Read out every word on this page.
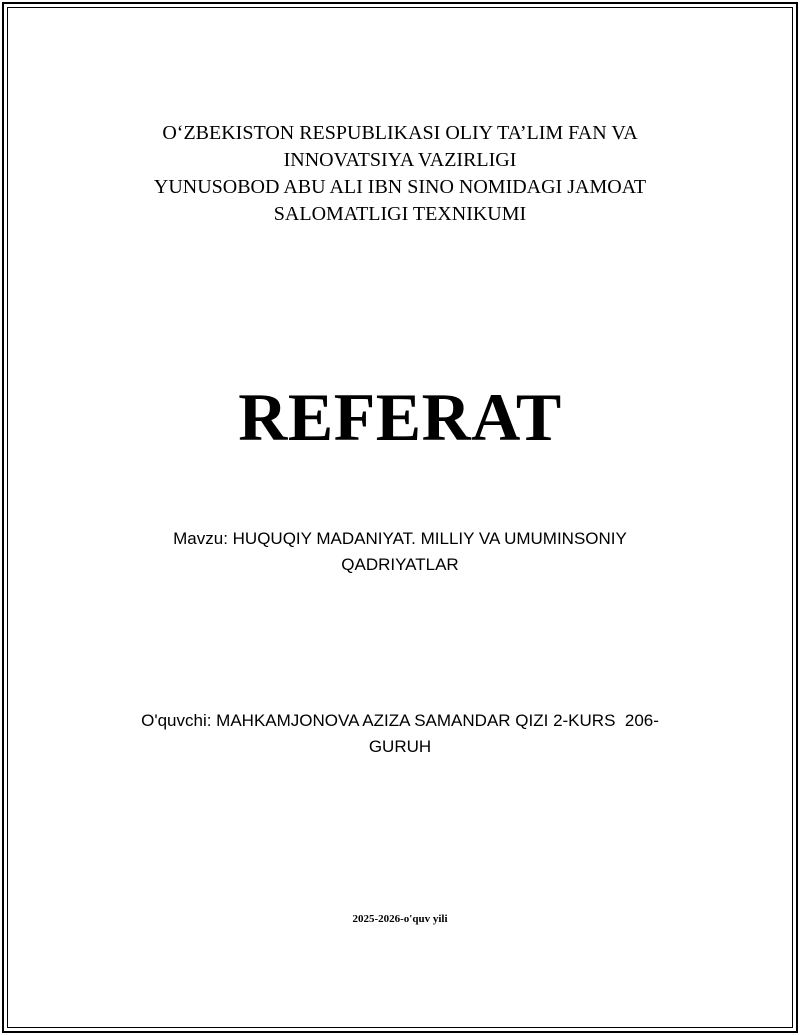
O‘ZBEKISTON RESPUBLIKASI OLIY TA’LIM FAN VA
INNOVATSIYA VAZIRLIGI
YUNUSOBOD ABU ALI IBN SINO NOMIDAGI JAMOAT
SALOMATLIGI TEXNIKUMI
REFERAT
Mavzu: HUQUQIY MADANIYAT. MILLIY VA UMUMINSONIY
QADRIYATLAR
O'quvchi: MAHKAMJONOVA AZIZA SAMANDAR QIZI 2-KURS  206-
GURUH
2025-2026-o'quv yili
